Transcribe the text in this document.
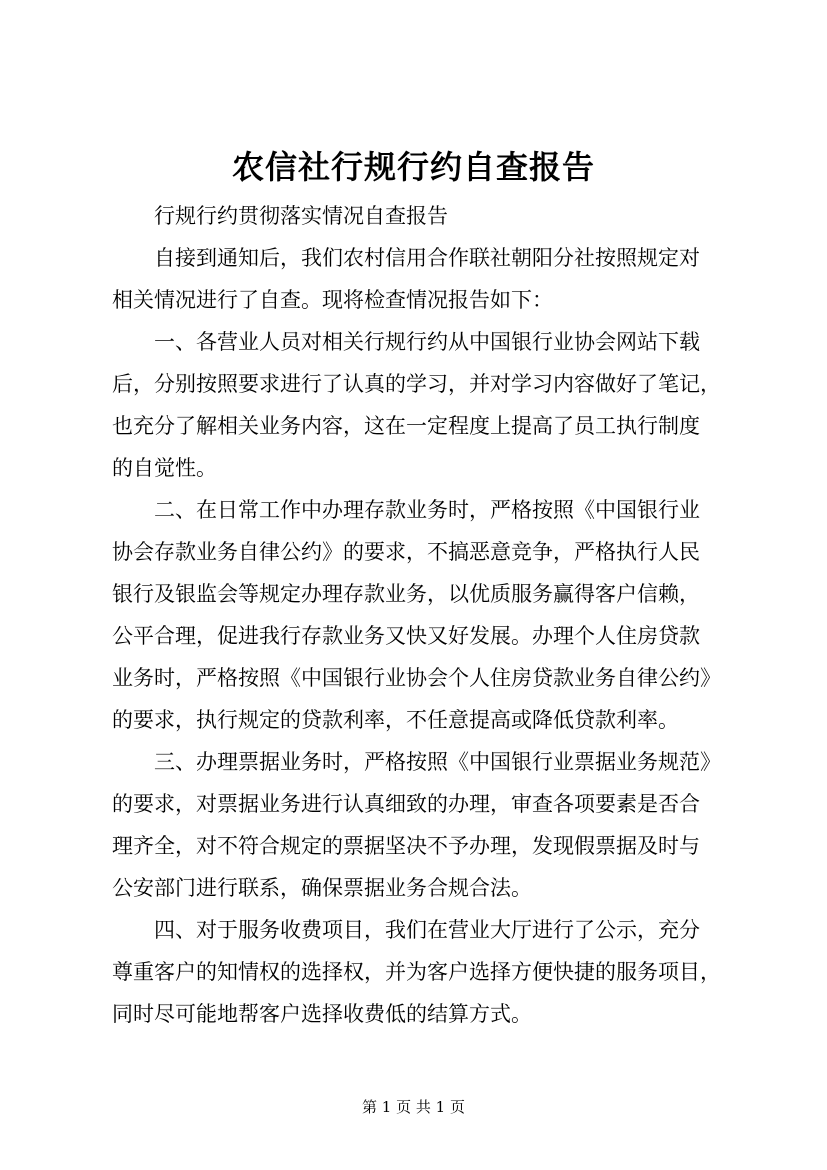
农信社行规行约自查报告
行规行约贯彻落实情况自查报告
自接到通知后，我们农村信用合作联社朝阳分社按照规定对
相关情况进行了自查。现将检查情况报告如下：
一、各营业人员对相关行规行约从中国银行业协会网站下载
后，分别按照要求进行了认真的学习，并对学习内容做好了笔记，
也充分了解相关业务内容，这在一定程度上提高了员工执行制度
的自觉性。
二、在日常工作中办理存款业务时，严格按照《中国银行业
协会存款业务自律公约》的要求，不搞恶意竞争，严格执行人民
银行及银监会等规定办理存款业务，以优质服务赢得客户信赖，
公平合理，促进我行存款业务又快又好发展。办理个人住房贷款
业务时，严格按照《中国银行业协会个人住房贷款业务自律公约》
的要求，执行规定的贷款利率，不任意提高或降低贷款利率。
三、办理票据业务时，严格按照《中国银行业票据业务规范》
的要求，对票据业务进行认真细致的办理，审查各项要素是否合
理齐全，对不符合规定的票据坚决不予办理，发现假票据及时与
公安部门进行联系，确保票据业务合规合法。
四、对于服务收费项目，我们在营业大厅进行了公示，充分
尊重客户的知情权的选择权，并为客户选择方便快捷的服务项目，
同时尽可能地帮客户选择收费低的结算方式。
第 1 页 共 1 页
